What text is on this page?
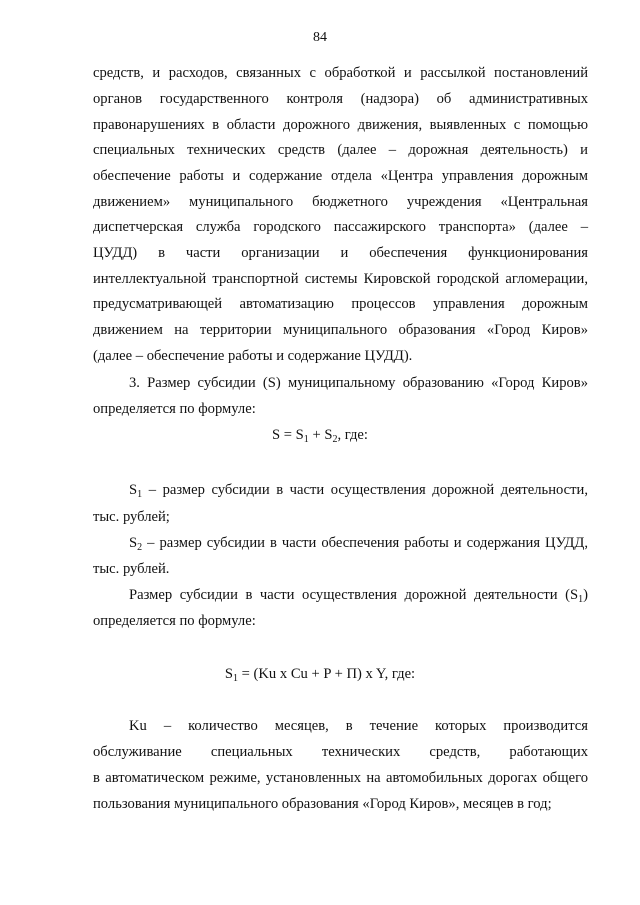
84
средств, и расходов, связанных с обработкой и рассылкой постановлений
органов государственного контроля (надзора) об административных
правонарушениях в области дорожного движения, выявленных с помощью
специальных технических средств (далее – дорожная деятельность) и
обеспечение работы и содержание отдела «Центра управления дорожным
движением» муниципального бюджетного учреждения «Центральная
диспетчерская служба городского пассажирского транспорта» (далее –
ЦУДД) в части организации и обеспечения функционирования
интеллектуальной транспортной системы Кировской городской агломерации,
предусматривающей автоматизацию процессов управления дорожным
движением на территории муниципального образования «Город Киров»
(далее – обеспечение работы и содержание ЦУДД).
3. Размер субсидии (S) муниципальному образованию «Город Киров»
определяется по формуле:
$S = S_1 + S_2$, где:
$S_1$ – размер субсидии в части осуществления дорожной деятельности,
тыс. рублей;
$S_2$ – размер субсидии в части обеспечения работы и содержания ЦУДД,
тыс. рублей.
Размер субсидии в части осуществления дорожной деятельности $(S_1)$
определяется по формуле:
$S_1 = (Ku$ x Cu + P + П) x Y, где:
Ku – количество месяцев, в течение которых производится
обслуживание специальных технических средств, работающих
в автоматическом режиме, установленных на автомобильных дорогах общего
пользования муниципального образования «Город Киров», месяцев в год;
